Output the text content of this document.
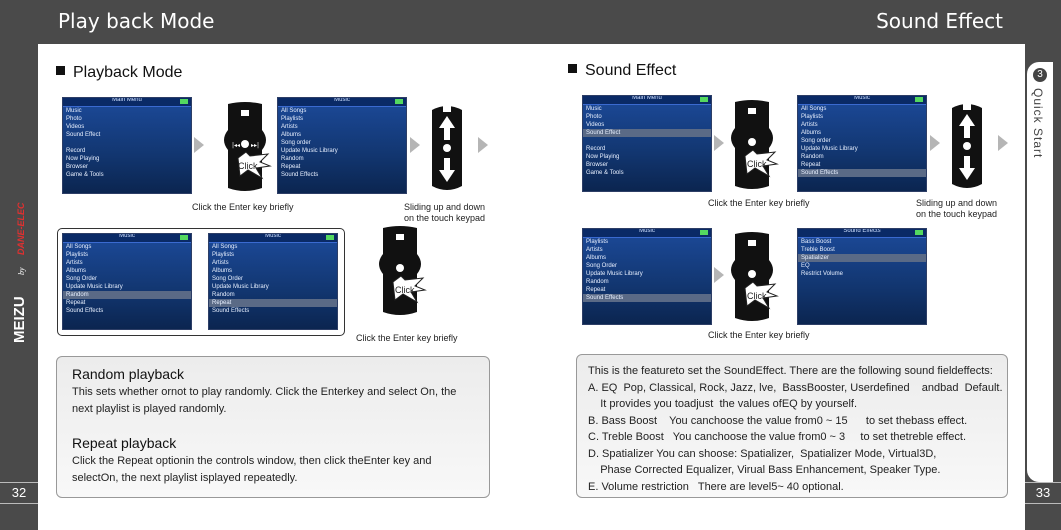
Play back Mode	Sound Effect
MEIZU
by
DANE-ELEC
32	33
3
Quick Start
Playback Mode
Main Menu
Music
Photo
Videos
Sound Effect
Record
Now Playing
Browser
Game & Tools
|◂◂ ▸▸|
Click
Music
All Songs
Playlists
Artists
Albums
Song order
Update Music Library
Random
Repeat
Sound Effects
Click the Enter key briefly	Sliding up and down on the touch keypad
Music
All Songs
Playlists
Artists
Albums
Song Order
Update Music Library
Random
Repeat
Sound Effects
Music
All Songs
Playlists
Artists
Albums
Song Order
Update Music Library
Random
Repeat
Sound Effects
Click
Click the Enter key briefly
Random playback
This sets whether ornot to play randomly. Click the Enterkey and select On, the next playlist is played randomly.
Repeat playback
Click the Repeat optionin the controls window, then click theEnter key and selectOn, the next playlist isplayed repeatedly.
Sound Effect
Main Menu
Music
Photo
Videos
Sound Effect
Record
Now Playing
Browser
Game & Tools
Click
Music
All Songs
Playlists
Artists
Albums
Song order
Update Music Library
Random
Repeat
Sound Effects
Click the Enter key briefly	Sliding up and down on the touch keypad
Music
Playlists
Artists
Albums
Song Order
Update Music Library
Random
Repeat
Sound Effects	Click
Sound Effects
Bass Boost
Treble Boost
Spatializer
EQ
Restrict Volume
Click the Enter key briefly
This is the featureto set the SoundEffect. There are the following sound fieldeffects:
A. EQ  Pop, Classical, Rock, Jazz, lve,  BassBooster, Userdefined    andbad  Default.
It provides you toadjust  the values ofEQ by yourself.
B. Bass Boost    You canchoose the value from0 ~ 15      to set thebass effect.
C. Treble Boost   You canchoose the value from0 ~ 3     to set thetreble effect.
D. Spatializer You can shoose: Spatializer,  Spatializer Mode, Virtual3D,
Phase Corrected Equalizer, Virual Bass Enhancement, Speaker Type.
E. Volume restriction   There are level5~ 40 optional.
